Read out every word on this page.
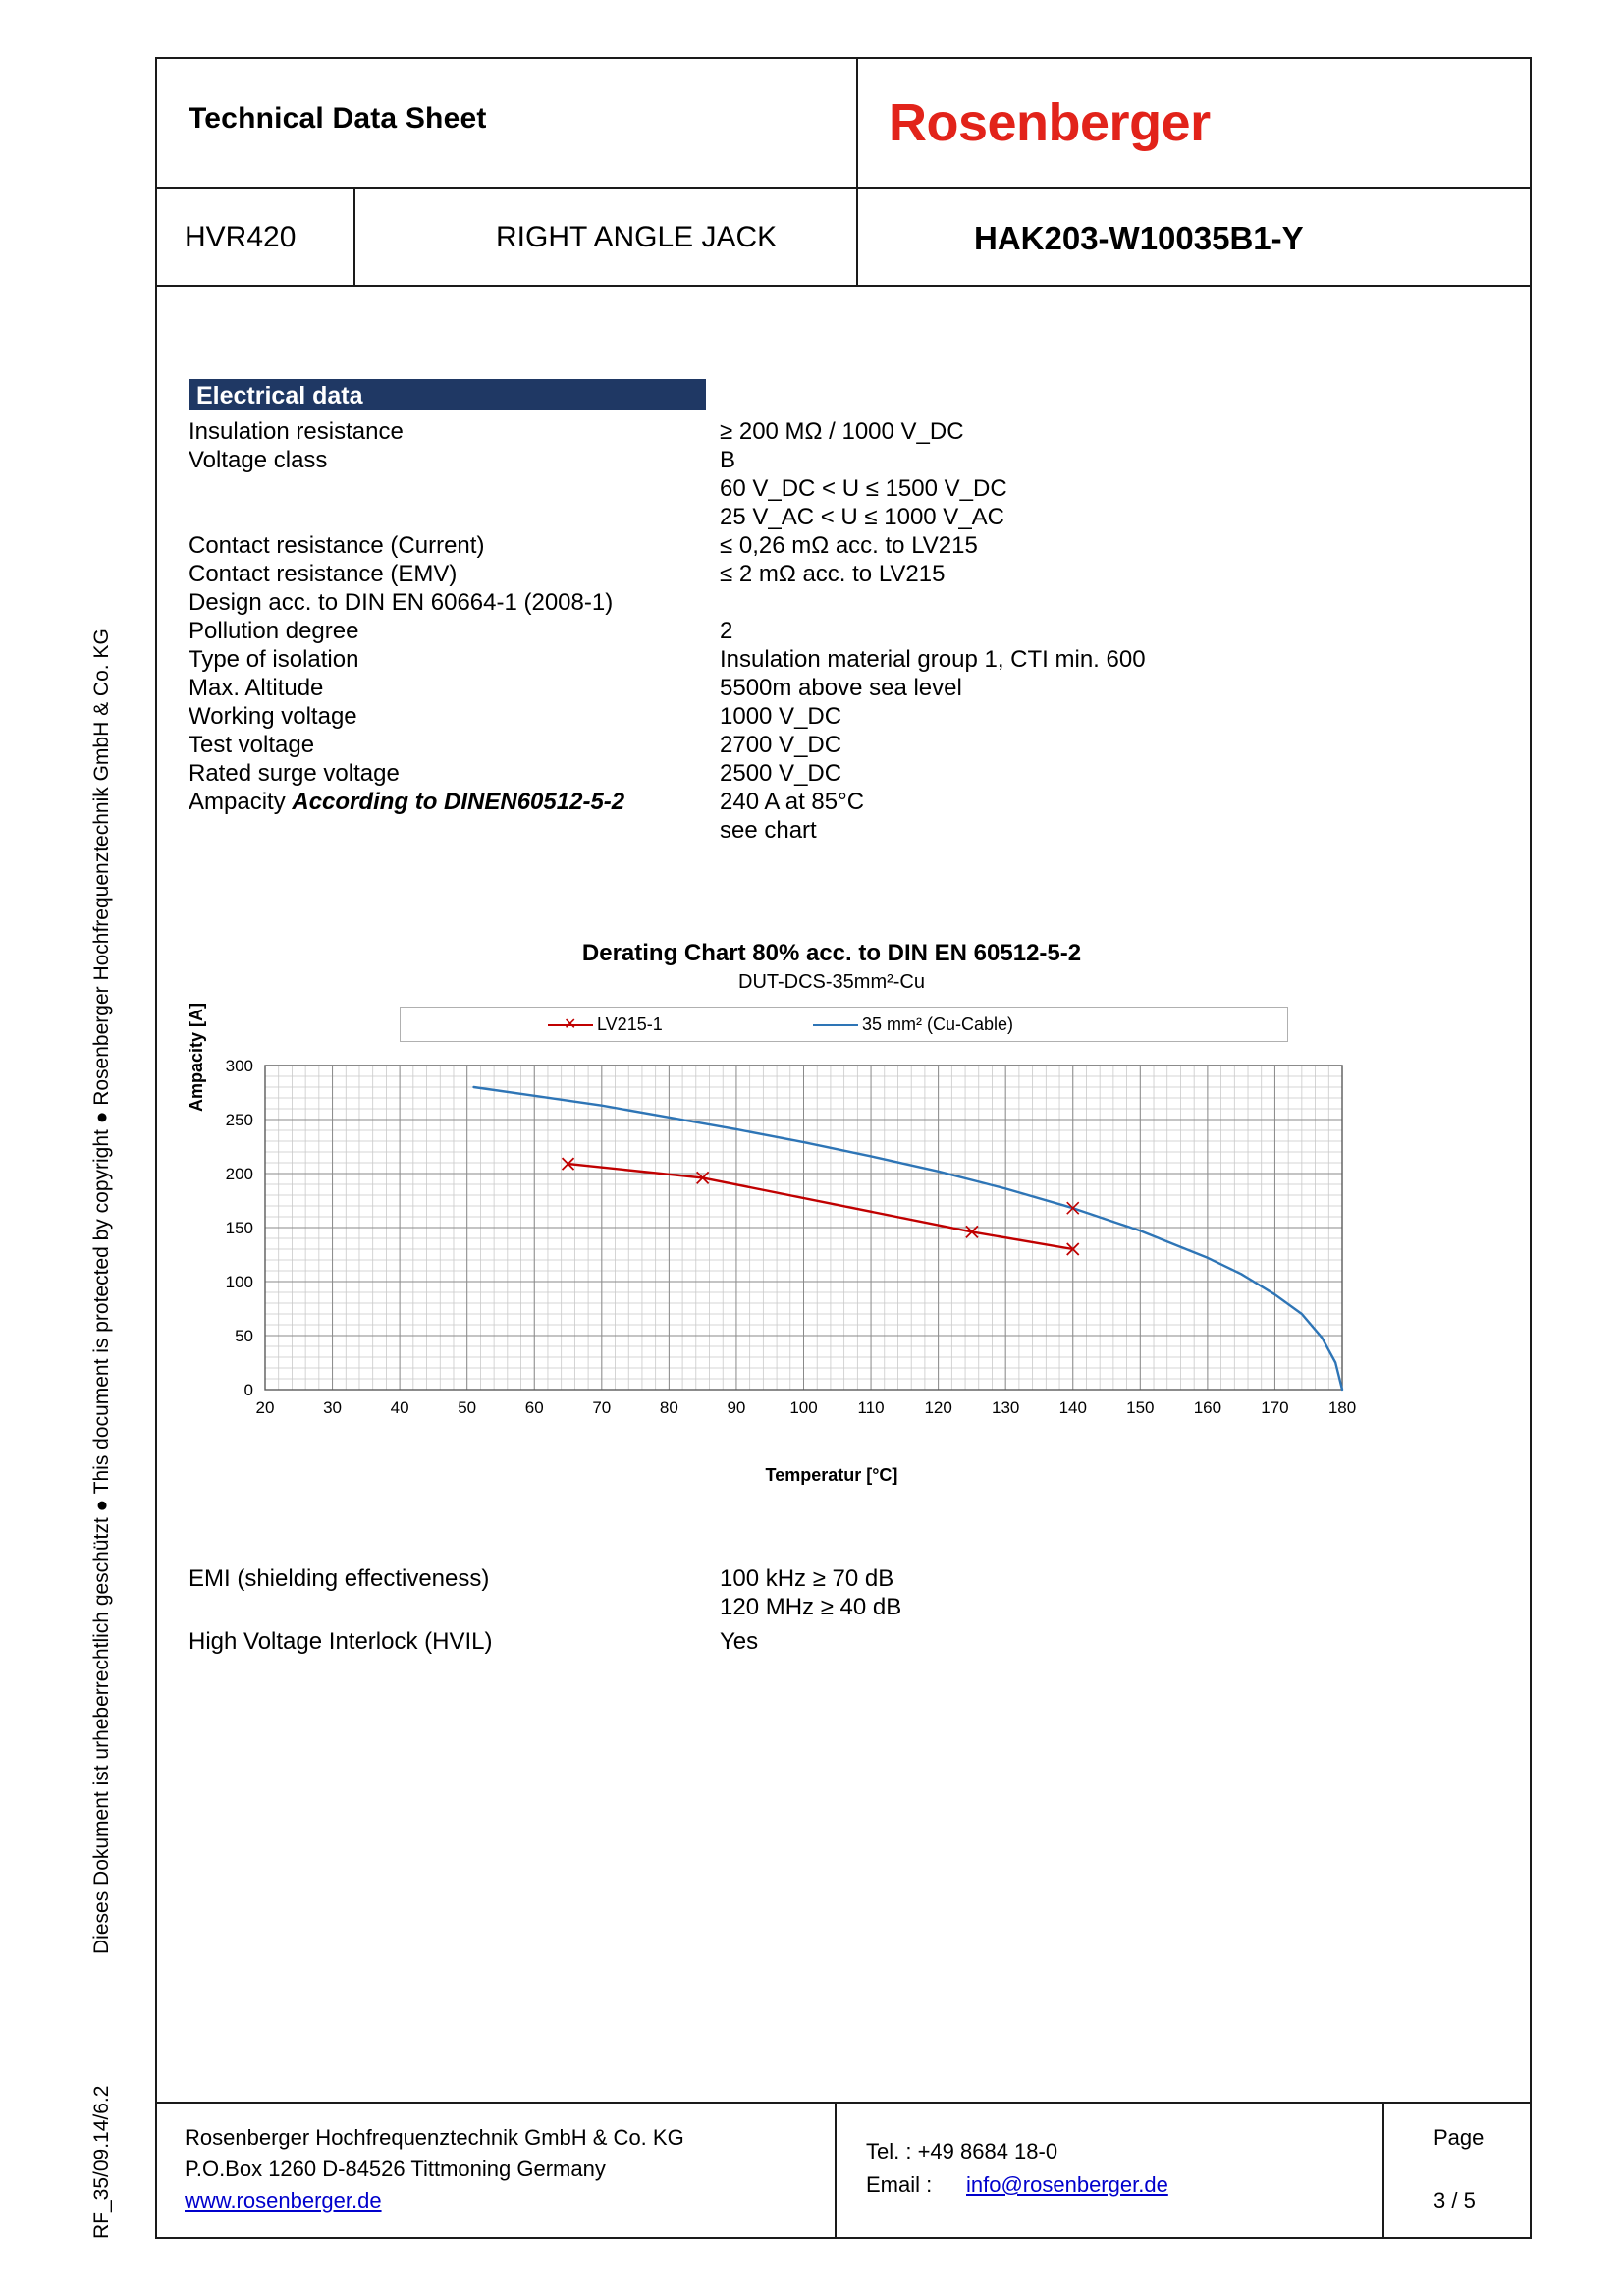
Dieses Dokument ist urheberrechtlich geschützt ● This document is protected by copyright ● Rosenberger Hochfrequenztechnik GmbH & Co. KG
RF_35/09.14/6.2
Technical Data Sheet	Rosenberger
HVR420	RIGHT ANGLE JACK	HAK203-W10035B1-Y
Electrical data
Insulation resistance	≥ 200 MΩ / 1000 V_DC
Voltage class	B
60 V_DC < U ≤ 1500 V_DC
25 V_AC < U ≤ 1000 V_AC
Contact resistance (Current)	≤ 0,26 mΩ acc. to LV215
Contact resistance (EMV)	≤ 2 mΩ acc. to LV215
Design acc. to DIN EN 60664-1 (2008-1)
Pollution degree	2
Type of isolation	Insulation material group 1, CTI min. 600
Max. Altitude	5500m above sea level
Working voltage	1000 V_DC
Test voltage	2700 V_DC
Rated surge voltage	2500 V_DC
Ampacity According to DINEN60512-5-2	240 A at 85°C
see chart
Derating Chart 80% acc. to DIN EN 60512-5-2
DUT-DCS-35mm²-Cu
✕ LV215-1	35 mm² (Cu-Cable)
Ampacity [A]
20	30	40	50	60	70	80	90	100 110 120 130 140 150 160 170 180
0
50
100
150
200
250
300
Temperatur [°C]
EMI (shielding effectiveness)	100 kHz ≥ 70 dB
120 MHz ≥ 40 dB
High Voltage Interlock (HVIL)	Yes
Rosenberger Hochfrequenztechnik GmbH & Co. KG
P.O.Box 1260 D-84526 Tittmoning Germany
www.rosenberger.de
Tel. : +49 8684 18-0
Email : info@rosenberger.de
Page
3 / 5
